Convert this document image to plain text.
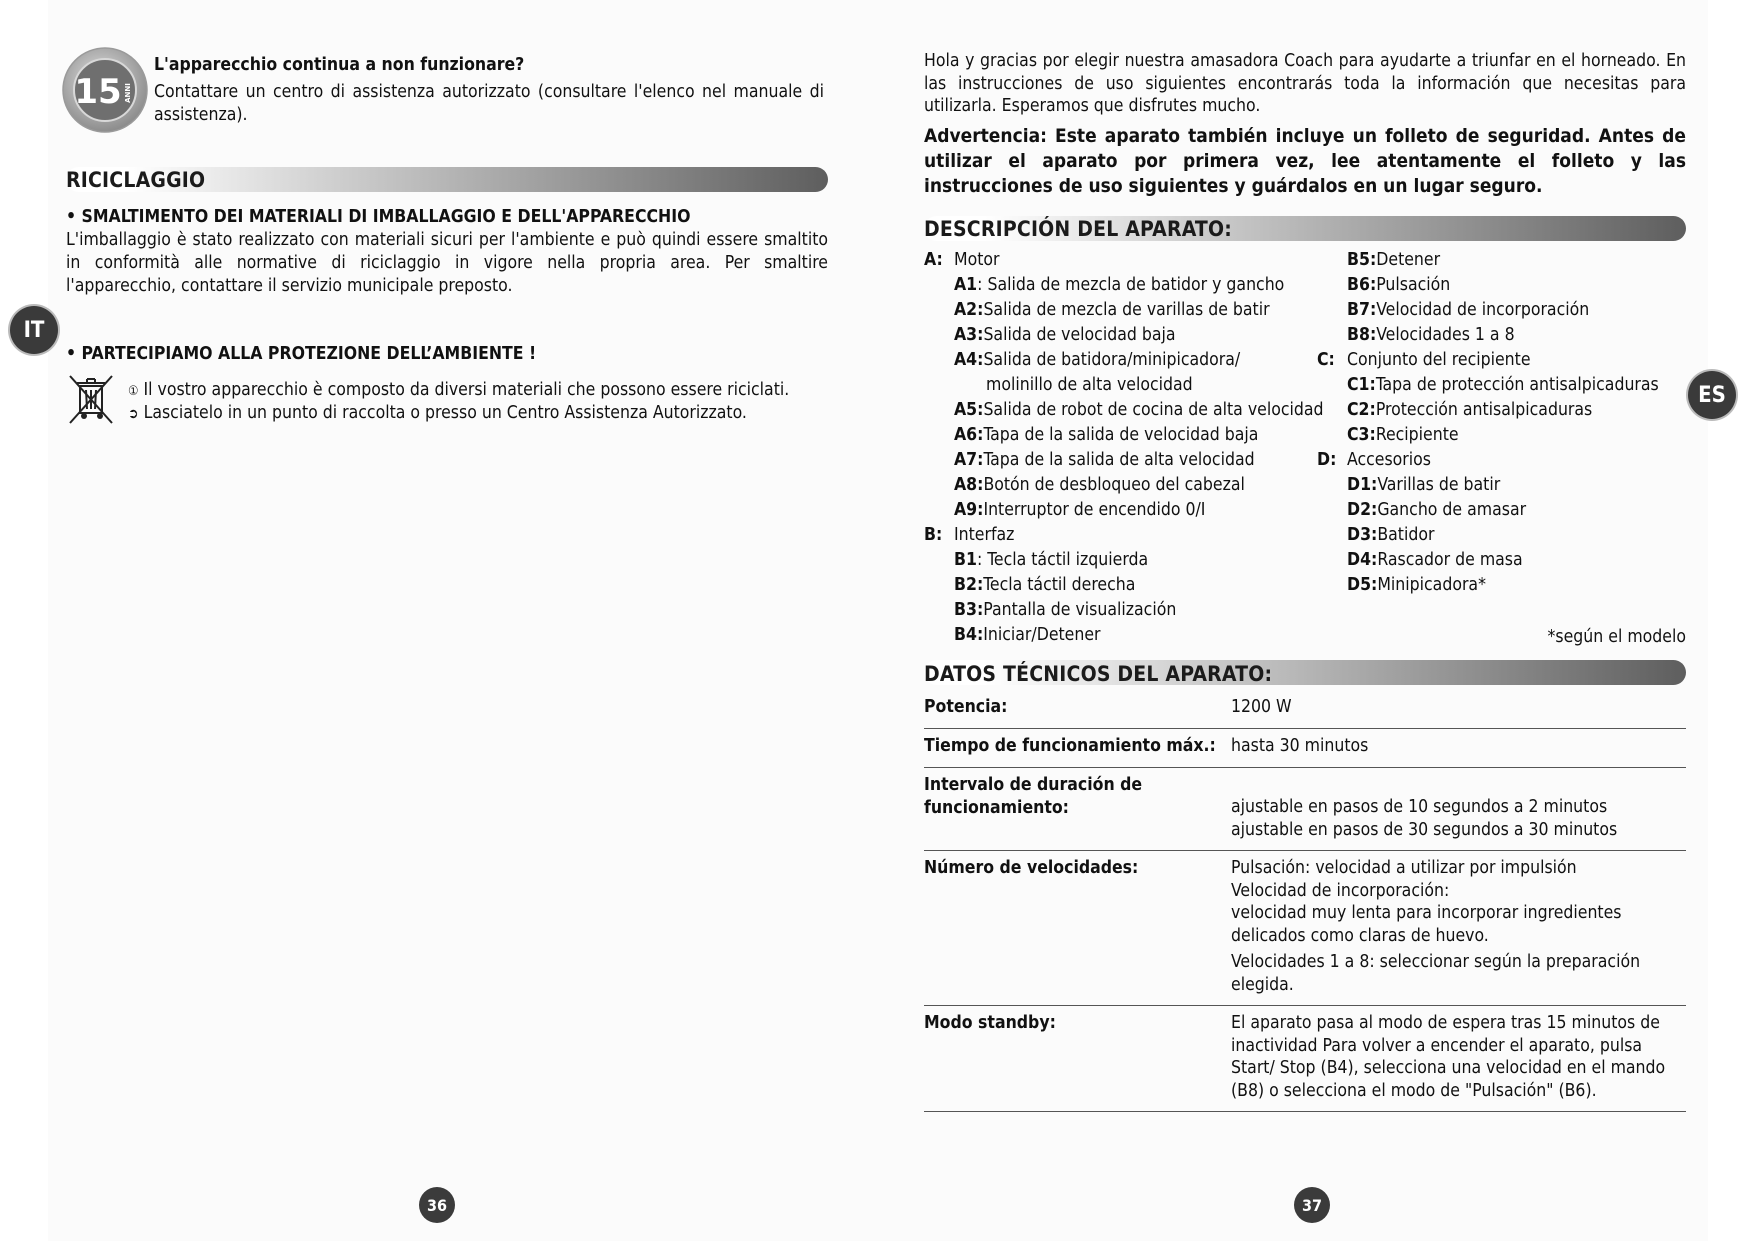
15 ANNI
L'apparecchio continua a non funzionare?
Contattare un centro di assistenza autorizzato (consultare l'elenco nel manuale di assistenza).
RICICLAGGIO
• SMALTIMENTO DEI MATERIALI DI IMBALLAGGIO E DELL'APPARECCHIO
L'imballaggio è stato realizzato con materiali sicuri per l'ambiente e può quindi essere smaltito in conformità alle normative di riciclaggio in vigore nella propria area. Per smaltire l'apparecchio, contattare il servizio municipale preposto.
IT
• PARTECIPIAMO ALLA PROTEZIONE DELL’AMBIENTE !
① Il vostro apparecchio è composto da diversi materiali che possono essere riciclati.
➲ Lasciatelo in un punto di raccolta o presso un Centro Assistenza Autorizzato.
36
Hola y gracias por elegir nuestra amasadora Coach para ayudarte a triunfar en el horneado. En las instrucciones de uso siguientes encontrarás toda la información que necesitas para utilizarla. Esperamos que disfrutes mucho.
Advertencia: Este aparato también incluye un folleto de seguridad. Antes de utilizar el aparato por primera vez, lee atentamente el folleto y las instrucciones de uso siguientes y guárdalos en un lugar seguro.
DESCRIPCIÓN DEL APARATO:
A: Motor
A1 : Salida de mezcla de batidor y gancho
A2: Salida de mezcla de varillas de batir
A3: Salida de velocidad baja
A4: Salida de batidora/minipicadora/
molinillo de alta velocidad
A5: Salida de robot de cocina de alta velocidad
A6: Tapa de la salida de velocidad baja
A7: Tapa de la salida de alta velocidad
A8: Botón de desbloqueo del cabezal
A9: Interruptor de encendido 0/I
B: Interfaz
B1 : Tecla táctil izquierda
B2: Tecla táctil derecha
B3: Pantalla de visualización
B4: Iniciar/Detener
B5: Detener
B6: Pulsación
B7: Velocidad de incorporación
B8: Velocidades 1 a 8
C: Conjunto del recipiente
C1: Tapa de protección antisalpicaduras
C2: Protección antisalpicaduras
C3: Recipiente
D: Accesorios
D1: Varillas de batir
D2: Gancho de amasar
D3: Batidor
D4: Rascador de masa
D5: Minipicadora*
*según el modelo
DATOS TÉCNICOS DEL APARATO:
Potencia:	1200 W
Tiempo de funcionamiento máx.: hasta 30 minutos
Intervalo de duración de funcionamiento:	ajustable en pasos de 10 segundos a 2 minutos
ajustable en pasos de 30 segundos a 30 minutos
Número de velocidades:	Pulsación: velocidad a utilizar por impulsión
Velocidad de incorporación:
velocidad muy lenta para incorporar ingredientes delicados como claras de huevo.
Velocidades 1 a 8: seleccionar según la preparación elegida.
Modo standby:	El aparato pasa al modo de espera tras 15 minutos de inactividad Para volver a encender el aparato, pulsa Start/ Stop (B4), selecciona una velocidad en el mando (B8) o selecciona el modo de "Pulsación" (B6).
ES
37
